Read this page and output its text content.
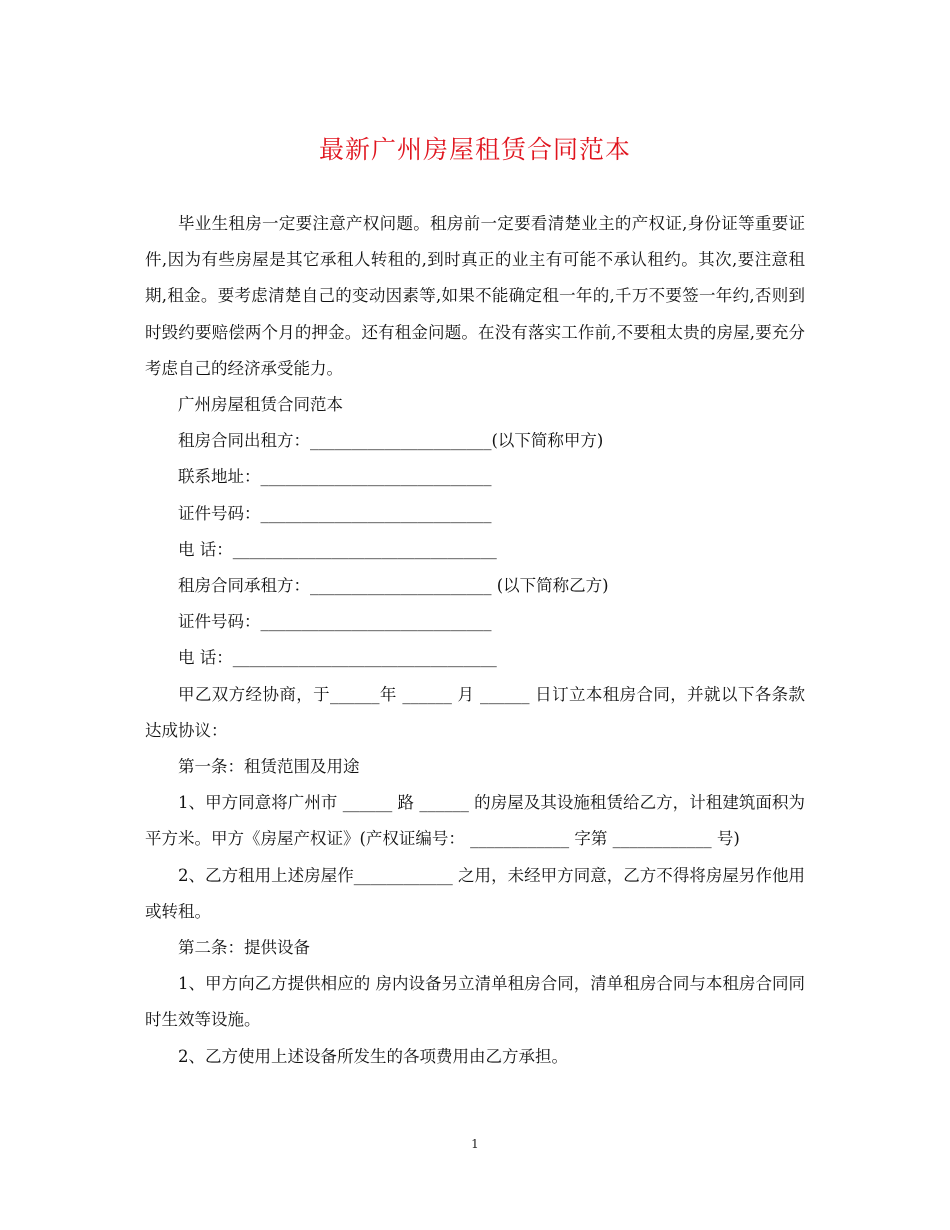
最新广州房屋租赁合同范本

毕业生租房一定要注意产权问题。租房前一定要看清楚业主的产权证,身份证等重要证件,因为有些房屋是其它承租人转租的,到时真正的业主有可能不承认租约。其次,要注意租期,租金。要考虑清楚自己的变动因素等,如果不能确定租一年的,千万不要签一年约,否则到时毁约要赔偿两个月的押金。还有租金问题。在没有落实工作前,不要租太贵的房屋,要充分考虑自己的经济承受能力。

广州房屋租赁合同范本

租房合同出租方：______________________(以下简称甲方)

联系地址：____________________________

证件号码：____________________________

电 话：________________________________

租房合同承租方：______________________ (以下简称乙方)

证件号码：____________________________

电 话：________________________________

甲乙双方经协商，于______年 ______ 月 ______ 日订立本租房合同，并就以下各条款达成协议：

第一条：租赁范围及用途

1、甲方同意将广州市 ______ 路 ______ 的房屋及其设施租赁给乙方，计租建筑面积为平方米。甲方《房屋产权证》(产权证编号： ____________ 字第 ____________ 号)

2、乙方租用上述房屋作____________ 之用，未经甲方同意，乙方不得将房屋另作他用或转租。

第二条：提供设备

1、甲方向乙方提供相应的 房内设备另立清单租房合同，清单租房合同与本租房合同同时生效等设施。

2、乙方使用上述设备所发生的各项费用由乙方承担。

1
